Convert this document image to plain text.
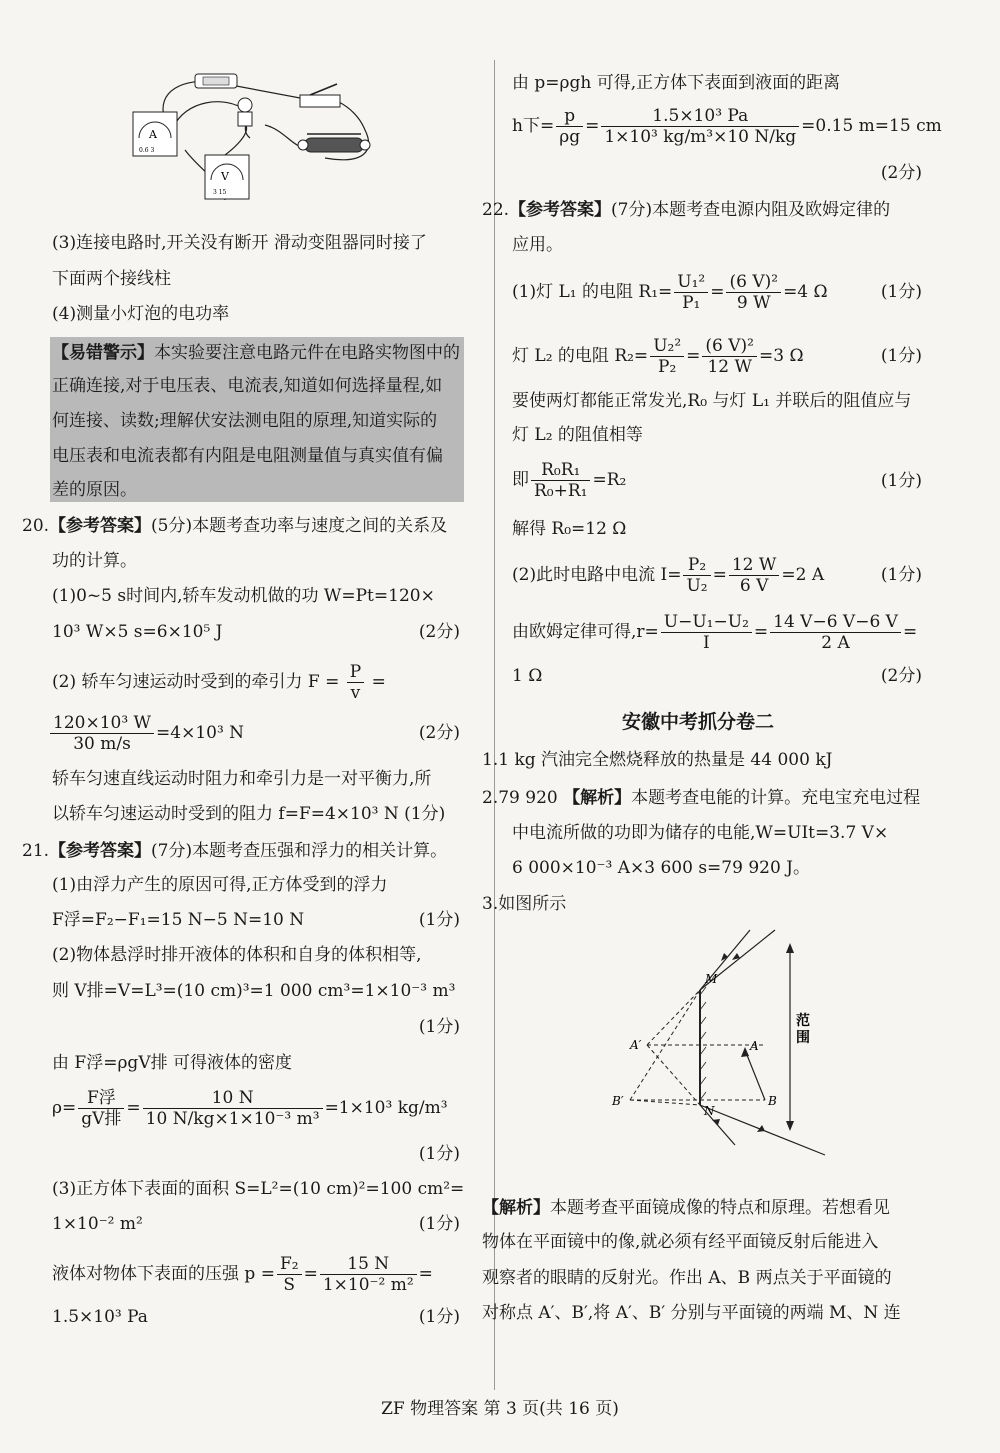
A
0.6 3
V
3 15
(3)连接电路时,开关没有断开 滑动变阻器同时接了
下面两个接线柱
(4)测量小灯泡的电功率
【易错警示】本实验要注意电路元件在电路实物图中的
正确连接,对于电压表、电流表,知道如何选择量程,如
何连接、读数;理解伏安法测电阻的原理,知道实际的
电压表和电流表都有内阻是电阻测量值与真实值有偏
差的原因。
20.【参考答案】(5分)本题考查功率与速度之间的关系及
功的计算。
(1)0~5 s时间内,轿车发动机做的功 W=Pt=120×
10³ W×5 s=6×10⁵ J	(2分)
(2) 轿车匀速运动时受到的牵引力 $F = \frac{P}{v}$ =
$\frac{\text{120×10³ W}}{30 m/s} =4\times 10^3$ N	(2分)
轿车匀速直线运动时阻力和牵引力是一对平衡力,所
以轿车匀速运动时受到的阻力 f=F=4×10³ N (1分)
21.【参考答案】(7分)本题考查压强和浮力的相关计算。
(1)由浮力产生的原因可得,正方体受到的浮力
F浮=F₂−F₁=15 N−5 N=10 N	(1分)
(2)物体悬浮时排开液体的体积和自身的体积相等,
则 V排=V=L³=(10 cm)³=1 000 cm³=1×10⁻³ m³
(1分)
由 F浮=ρgV排 可得液体的密度
$\rho= \frac{\text{F浮}}{\text{gV排}} = \frac{10 N}{\text{10 N/kg×1×10⁻³ m³}} =1\times 10^3$ kg/m³
(1分)
(3)正方体下表面的面积 S=L²=(10 cm)²=100 cm²=
1×10⁻² m²	(1分)
液体对物体下表面的压强 $p = \frac{\text{F₂}}{S} = \frac{15 N}{\text{1×10⁻² m²}}$ =
1.5×10³ Pa	(1分)
由 p=ρgh 可得,正方体下表面到液面的距离
h下= $\frac{p}{\rho g} = \frac{\text{1.5×10³ Pa}}{\text{1×10³ kg/m³×10 N/kg}} =0.15$ m=15 cm
(2分)
22.【参考答案】(7分)本题考查电源内阻及欧姆定律的
应用。
(1)灯 L₁ 的电阻 $R_1= \frac{\text{U₁²}}{\text{P₁}} = \frac{\text{(6 V)²}}{9 W} =4$ Ω	(1分)
灯 L₂ 的电阻 $R_2= \frac{\text{U₂²}}{\text{P₂}} = \frac{\text{(6 V)²}}{12 W} =3$ Ω	(1分)
要使两灯都能正常发光,R₀ 与灯 L₁ 并联后的阻值应与
灯 L₂ 的阻值相等
即 $\frac{\text{R₀R₁}}{\text{R₀+R₁}} =R_2$	(1分)
解得 R₀=12 Ω
(2)此时电路中电流 $I= \frac{\text{P₂}}{\text{U₂}} = \frac{12 W}{6 V} =2$ A	(1分)
由欧姆定律可得$,r= \frac{\text{U−U₁−U₂}}{I} = \frac{14 V-6 V-6 V}{2 A}$ =
1 Ω	(2分)
安徽中考抓分卷二
1.1 kg 汽油完全燃烧释放的热量是 44 000 kJ
2.79 920 【解析】本题考查电能的计算。充电宝充电过程
中电流所做的功即为储存的电能,W=UIt=3.7 V×
6 000×10⁻³ A×3 600 s=79 920 J。
3.如图所示
范
围
M
N
A
B
A′
B′
【解析】本题考查平面镜成像的特点和原理。若想看见
物体在平面镜中的像,就必须有经平面镜反射后能进入
观察者的眼睛的反射光。作出 A、B 两点关于平面镜的
对称点 A′、B′,将 A′、B′ 分别与平面镜的两端 M、N 连
ZF 物理答案 第 3 页(共 16 页)
